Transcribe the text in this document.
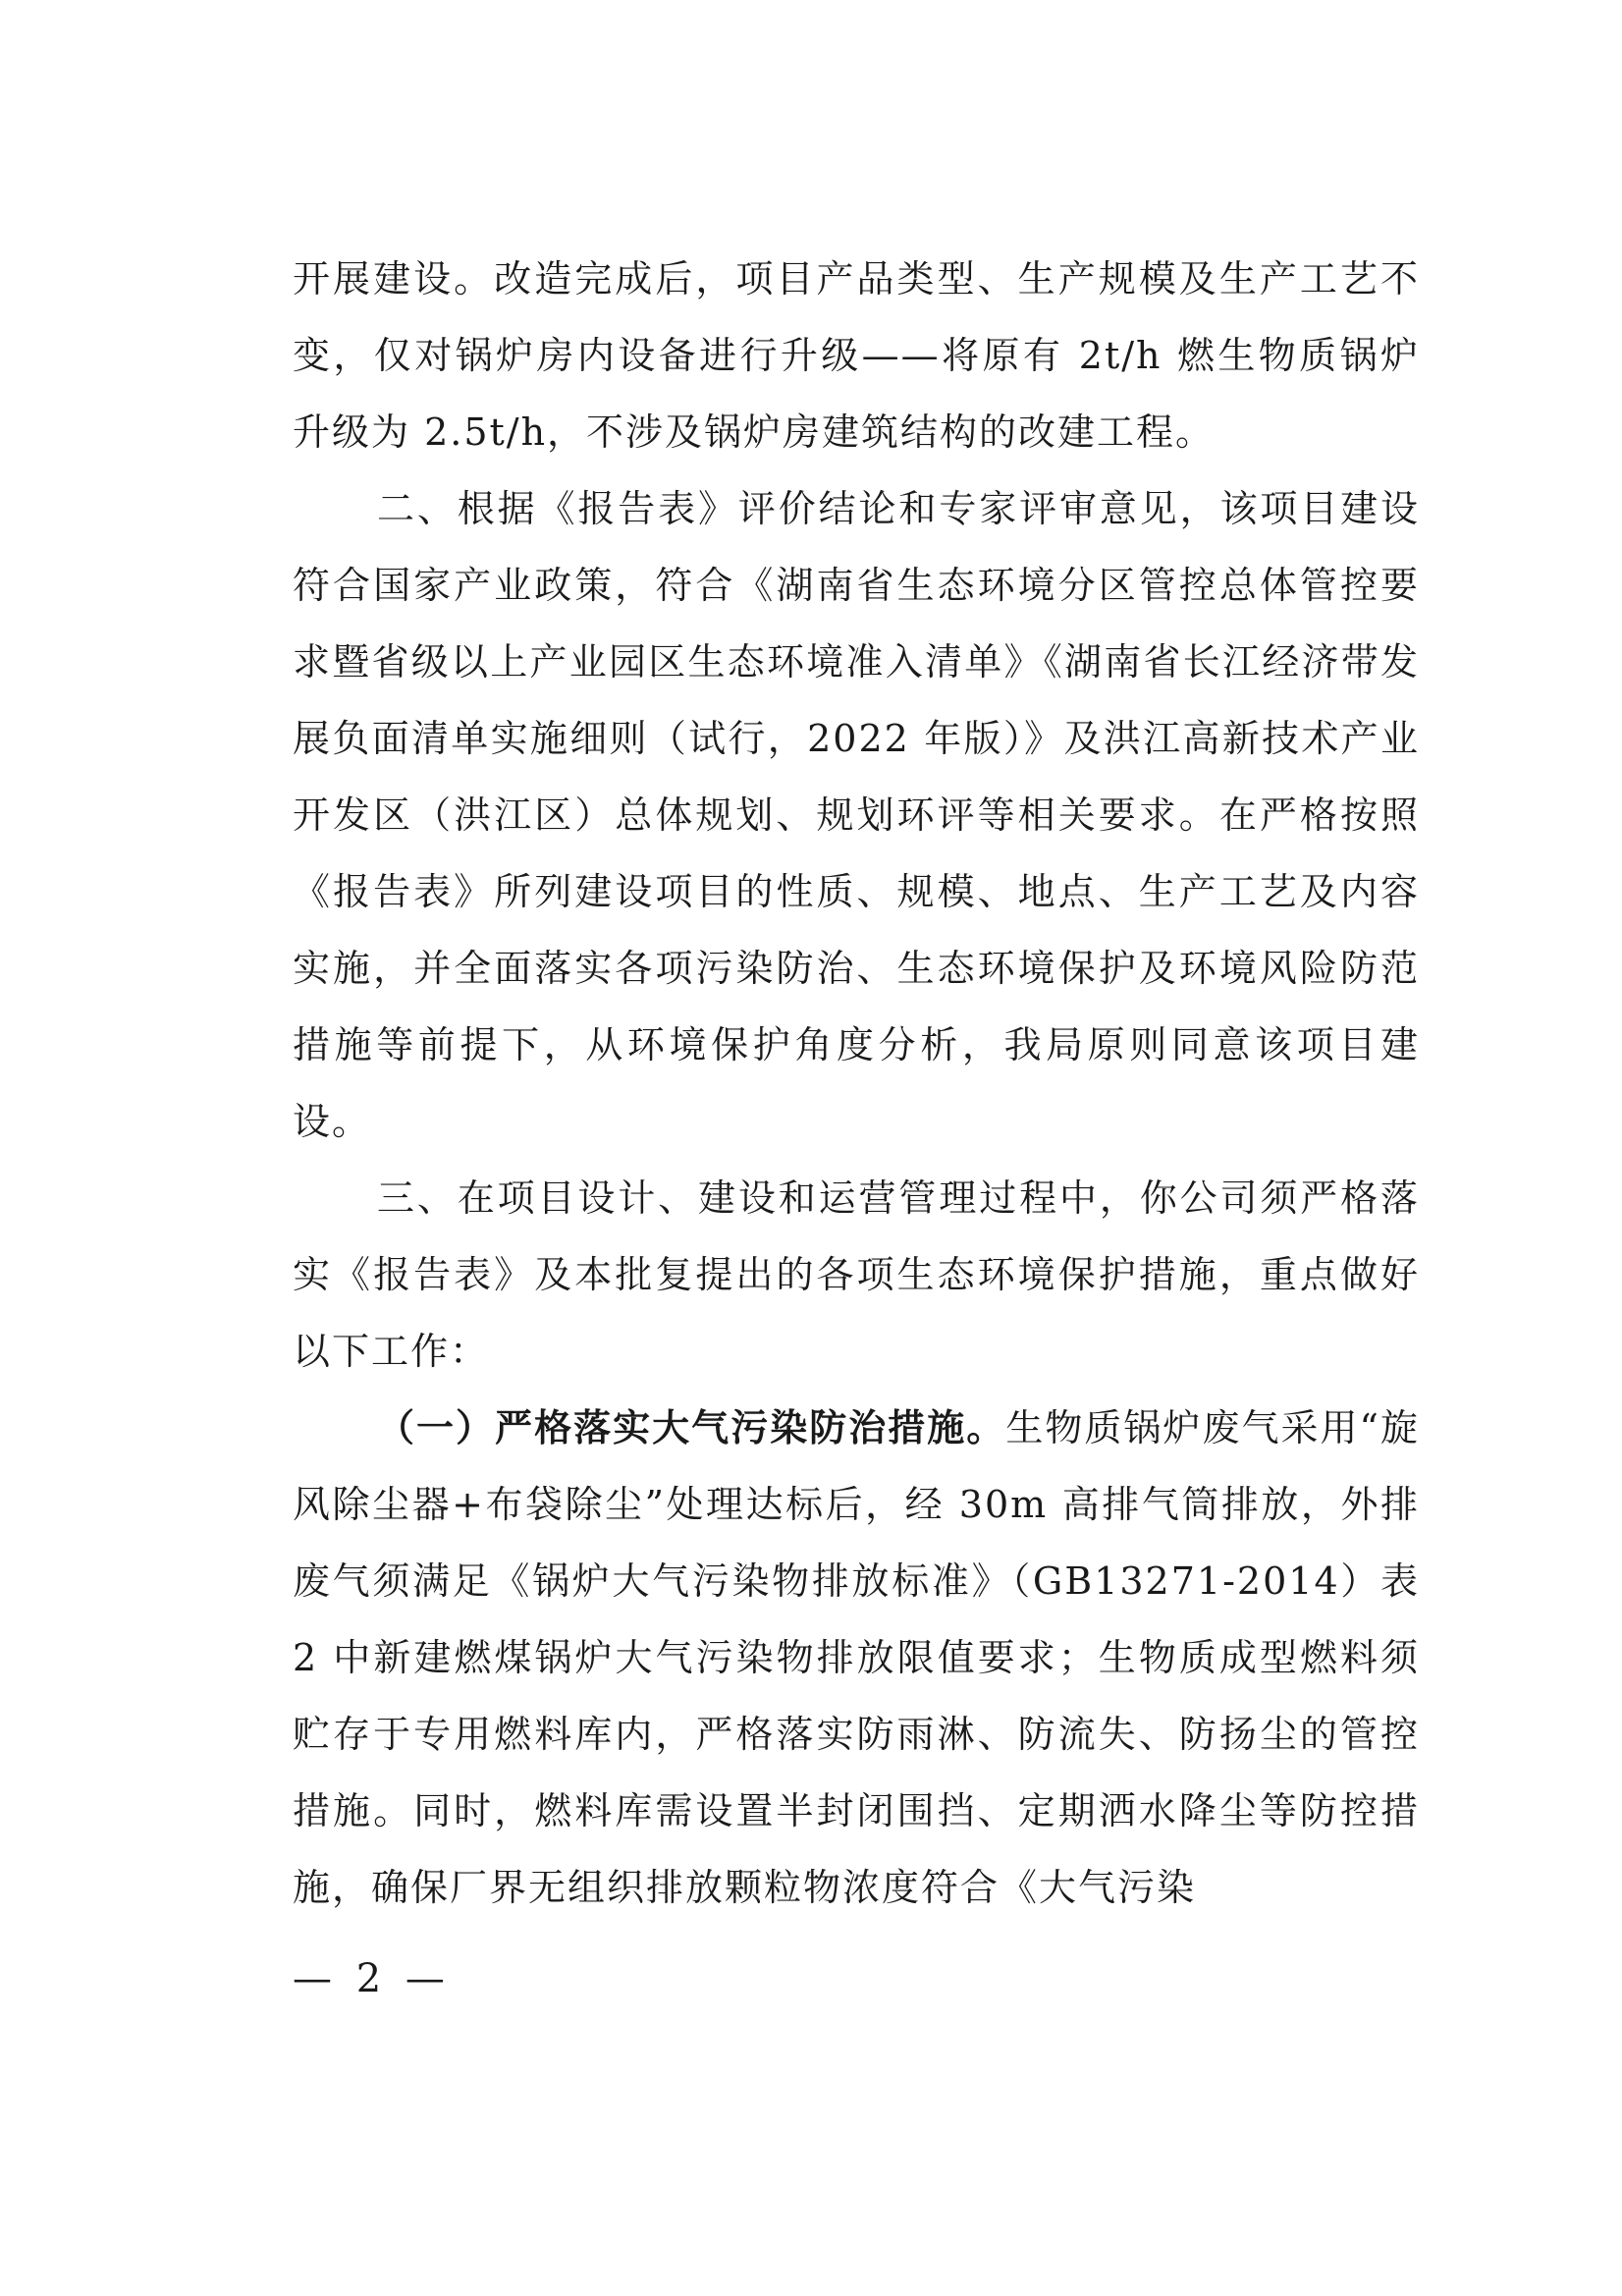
开展建设。改造完成后，项目产品类型、生产规模及生产工艺不变，仅对锅炉房内设备进行升级——将原有 2t/h 燃生物质锅炉升级为 2.5t/h，不涉及锅炉房建筑结构的改建工程。

二、根据《报告表》评价结论和专家评审意见，该项目建设符合国家产业政策，符合《湖南省生态环境分区管控总体管控要求暨省级以上产业园区生态环境准入清单》《湖南省长江经济带发展负面清单实施细则（试行，2022 年版）》及洪江高新技术产业开发区（洪江区）总体规划、规划环评等相关要求。在严格按照《报告表》所列建设项目的性质、规模、地点、生产工艺及内容实施，并全面落实各项污染防治、生态环境保护及环境风险防范措施等前提下，从环境保护角度分析，我局原则同意该项目建设。

三、在项目设计、建设和运营管理过程中，你公司须严格落实《报告表》及本批复提出的各项生态环境保护措施，重点做好以下工作：

（一）严格落实大气污染防治措施。生物质锅炉废气采用“旋风除尘器+布袋除尘”处理达标后，经 30m 高排气筒排放，外排废气须满足《锅炉大气污染物排放标准》（GB13271-2014）表 2 中新建燃煤锅炉大气污染物排放限值要求；生物质成型燃料须贮存于专用燃料库内，严格落实防雨淋、防流失、防扬尘的管控措施。同时，燃料库需设置半封闭围挡、定期洒水降尘等防控措施，确保厂界无组织排放颗粒物浓度符合《大气污染

— 2 —
